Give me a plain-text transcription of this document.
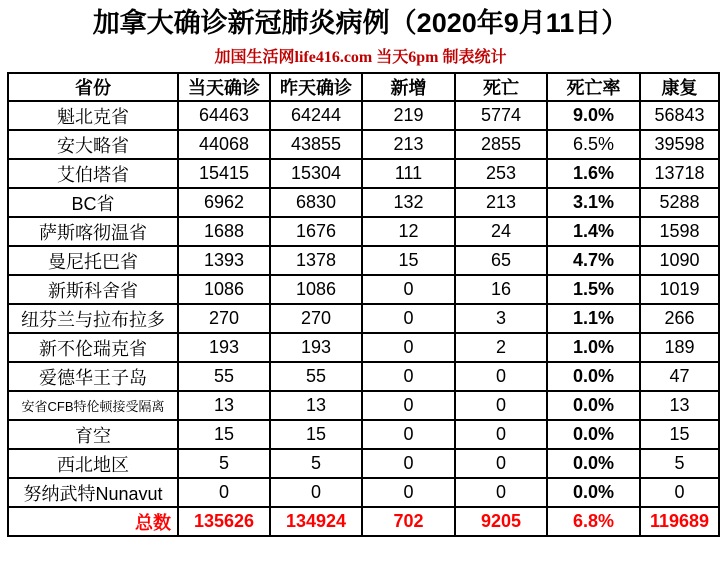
加拿大确诊新冠肺炎病例（2020年9月11日）
加国生活网life416.com 当天6pm 制表统计
省份	当天确诊	昨天确诊	新增	死亡	死亡率	康复
魁北克省	64463	64244	219	5774	9.0%	56843
安大略省	44068	43855	213	2855	6.5%	39598
艾伯塔省	15415	15304	111	253	1.6%	13718
BC省	6962	6830	132	213	3.1%	5288
萨斯喀彻温省	1688	1676	12	24	1.4%	1598
曼尼托巴省	1393	1378	15	65	4.7%	1090
新斯科舍省	1086	1086	0	16	1.5%	1019
纽芬兰与拉布拉多	270	270	0	3	1.1%	266
新不伦瑞克省	193	193	0	2	1.0%	189
爱德华王子岛	55	55	0	0	0.0%	47
安省CFB特伦顿接受隔离	13	13	0	0	0.0%	13
育空	15	15	0	0	0.0%	15
西北地区	5	5	0	0	0.0%	5
努纳武特Nunavut	0	0	0	0	0.0%	0
总数	135626	134924	702	9205	6.8%	119689
